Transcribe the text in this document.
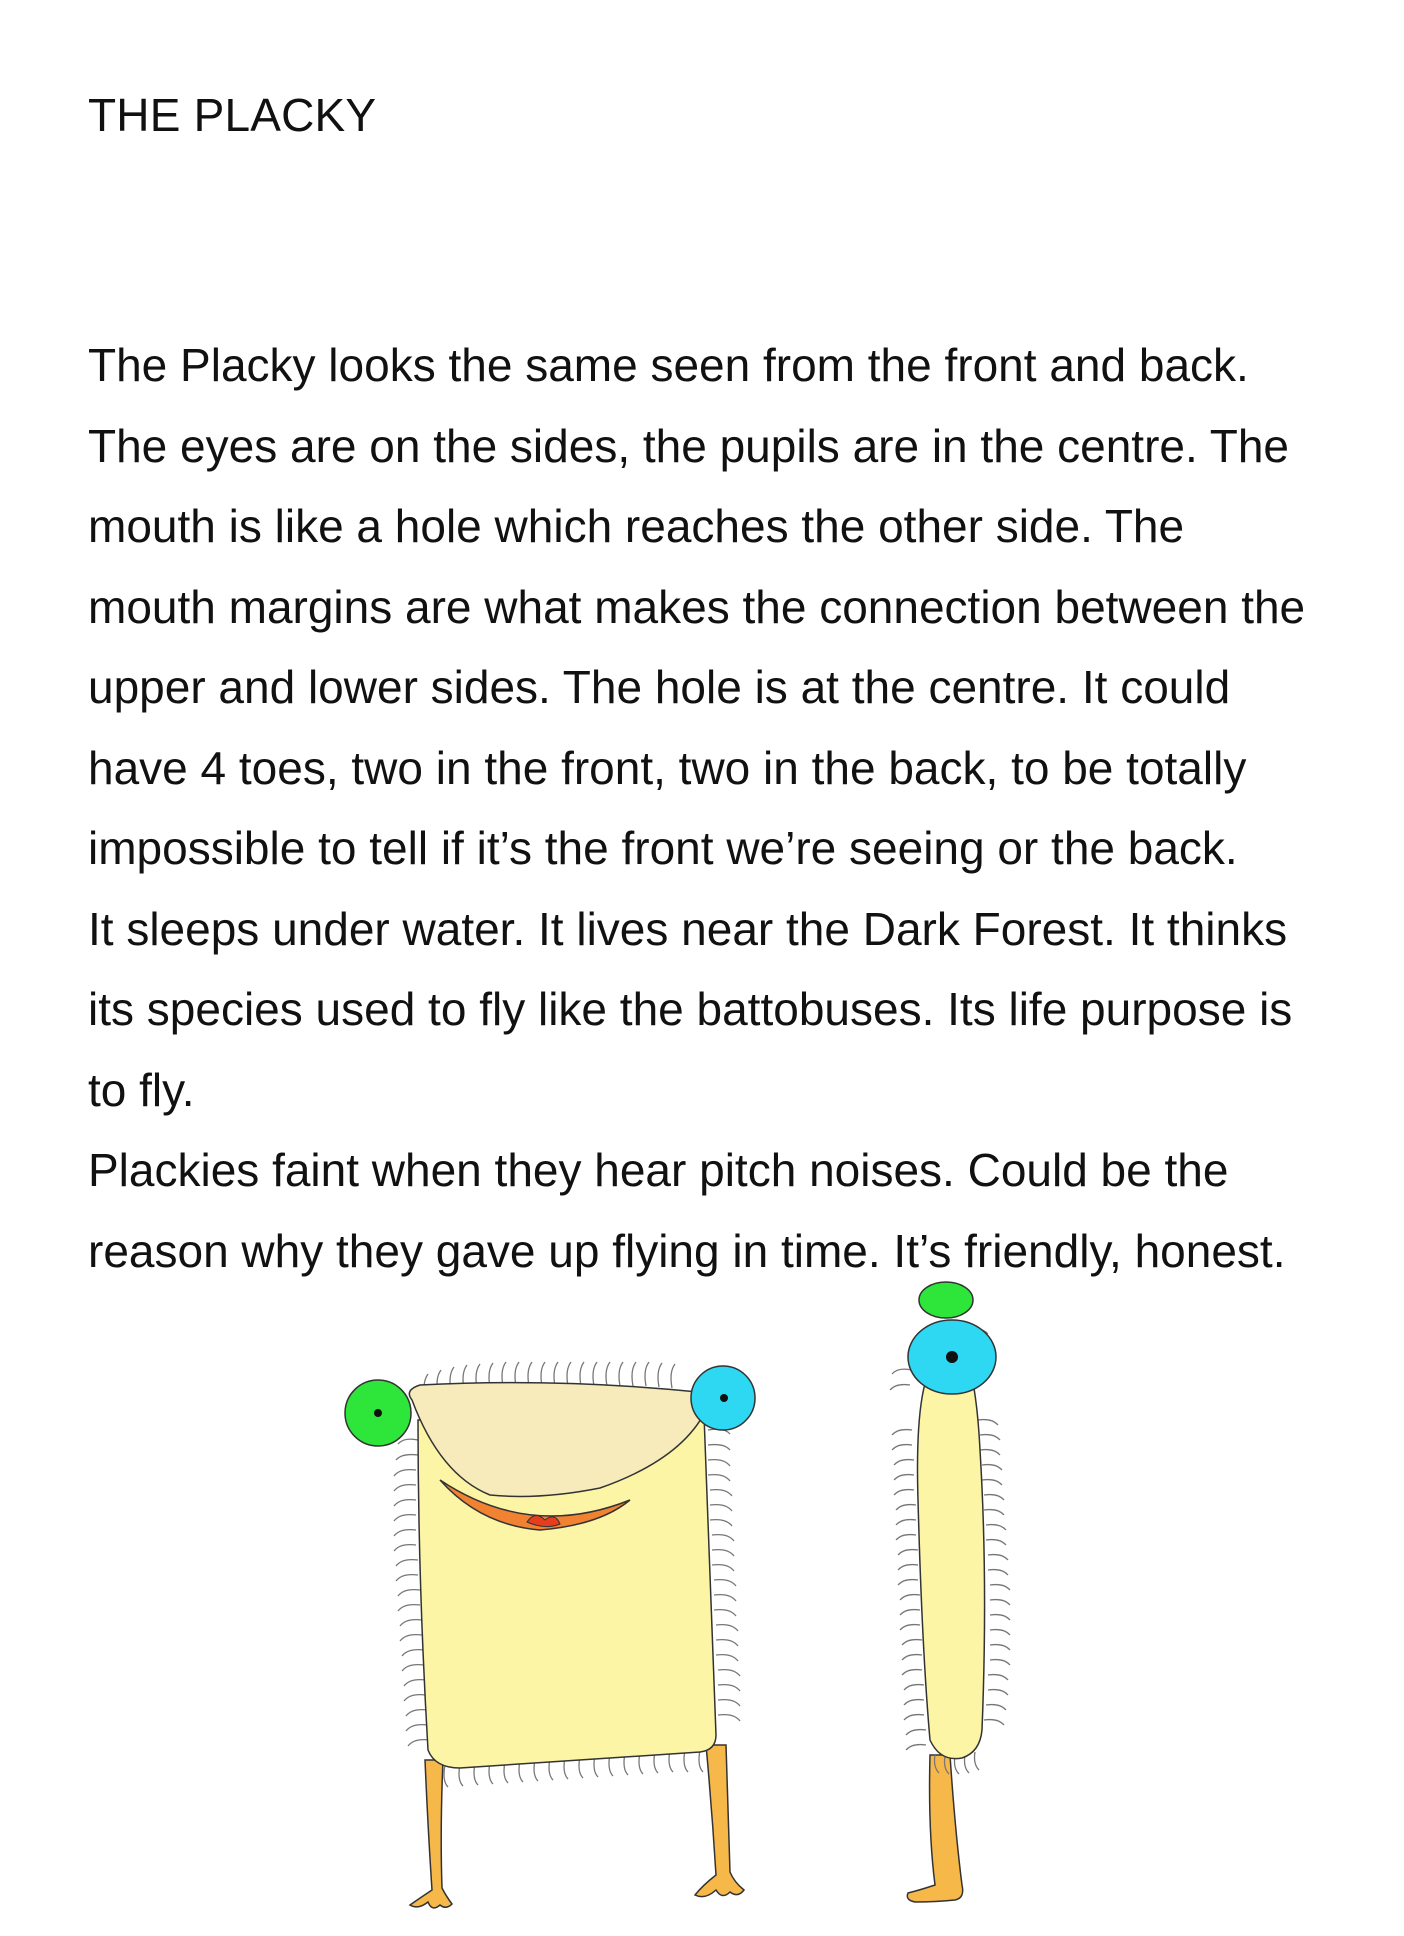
THE PLACKY
The Placky looks the same seen from the front and back.
The eyes are on the sides, the pupils are in the centre. The
mouth is like a hole which reaches the other side. The
mouth margins are what makes the connection between the
upper and lower sides. The hole is at the centre. It could
have 4 toes, two in the front, two in the back, to be totally
impossible to tell if it’s the front we’re seeing or the back.
It sleeps under water. It lives near the Dark Forest. It thinks
its species used to fly like the battobuses. Its life purpose is
to fly.
Plackies faint when they hear pitch noises. Could be the
reason why they gave up flying in time. It’s friendly, honest.
